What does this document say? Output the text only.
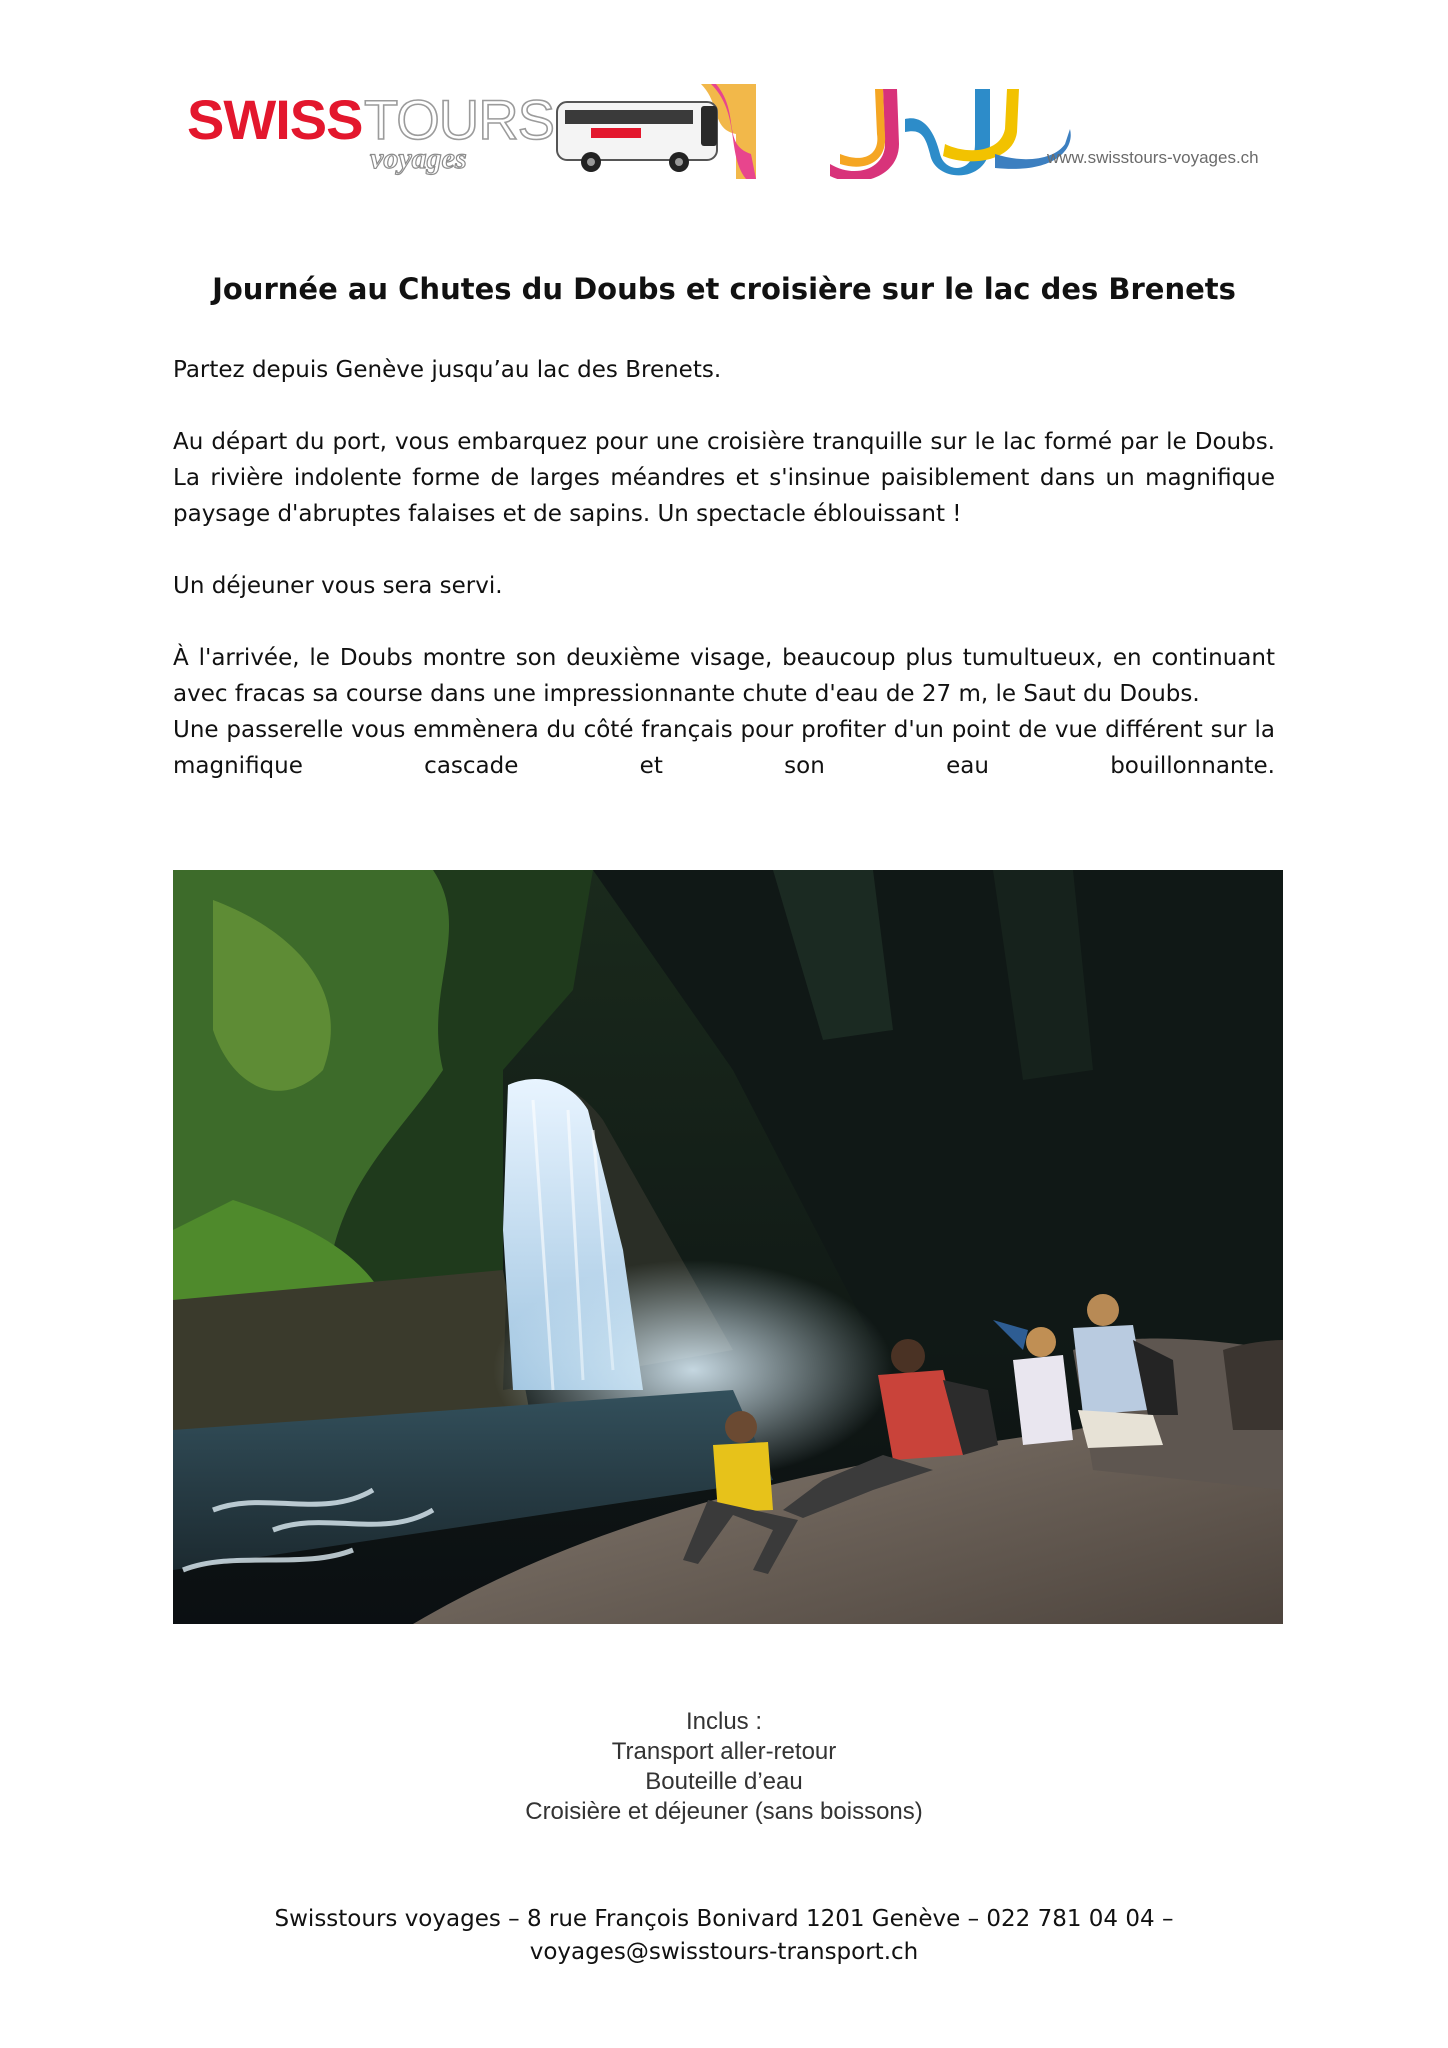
SWISS TOURS
voyages	www.swisstours-voyages.ch
Journée au Chutes du Doubs et croisière sur le lac des Brenets

Partez depuis Genève jusqu’au lac des Brenets.

Au départ du port, vous embarquez pour une croisière tranquille sur le lac formé par le Doubs. La rivière indolente forme de larges méandres et s'insinue paisiblement dans un magnifique paysage d'abruptes falaises et de sapins. Un spectacle éblouissant !

Un déjeuner vous sera servi.

À l'arrivée, le Doubs montre son deuxième visage, beaucoup plus tumultueux, en continuant avec fracas sa course dans une impressionnante chute d'eau de 27 m, le Saut du Doubs.

Une passerelle vous emmènera du côté français pour profiter d'un point de vue différent sur la magnifique cascade et son eau bouillonnante.

Inclus :
Transport aller-retour
Bouteille d’eau
Croisière et déjeuner (sans boissons)
Swisstours voyages – 8 rue François Bonivard 1201 Genève – 022 781 04 04 –
voyages@swisstours-transport.ch
